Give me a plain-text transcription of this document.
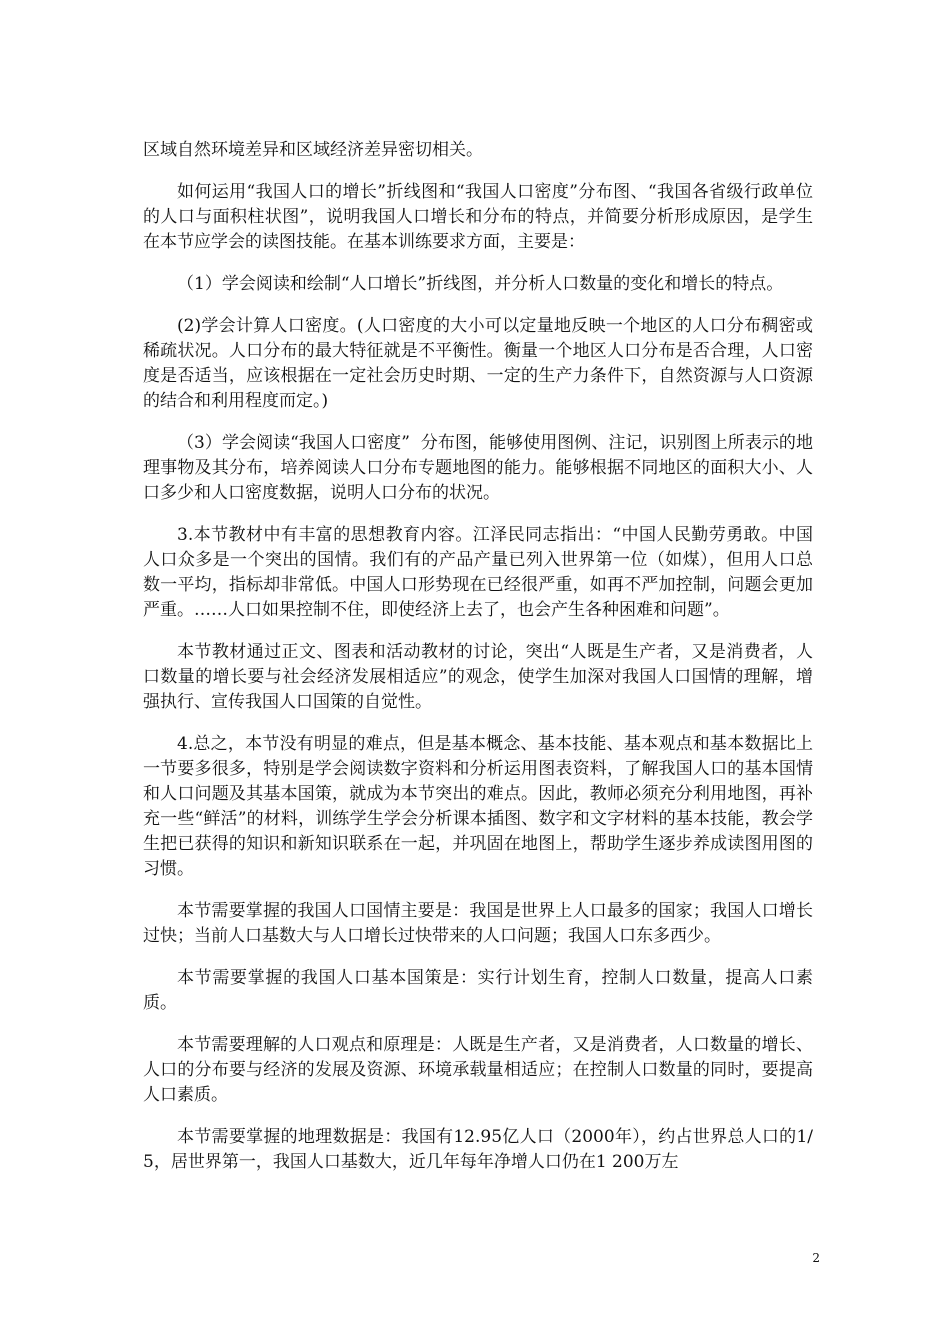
区域自然环境差异和区域经济差异密切相关。

如何运用“我国人口的增长”折线图和“我国人口密度”分布图、“我国各省级行政单位的人口与面积柱状图”，说明我国人口增长和分布的特点，并简要分析形成原因，是学生在本节应学会的读图技能。在基本训练要求方面，主要是：

（1）学会阅读和绘制“人口增长”折线图，并分析人口数量的变化和增长的特点。

(2)学会计算人口密度。(人口密度的大小可以定量地反映一个地区的人口分布稠密或稀疏状况。人口分布的最大特征就是不平衡性。衡量一个地区人口分布是否合理，人口密度是否适当，应该根据在一定社会历史时期、一定的生产力条件下，自然资源与人口资源的结合和利用程度而定。)

（3）学会阅读“我国人口密度”  分布图，能够使用图例、注记，识别图上所表示的地理事物及其分布，培养阅读人口分布专题地图的能力。能够根据不同地区的面积大小、人口多少和人口密度数据，说明人口分布的状况。

3.本节教材中有丰富的思想教育内容。江泽民同志指出：“中国人民勤劳勇敢。中国人口众多是一个突出的国情。我们有的产品产量已列入世界第一位（如煤），但用人口总数一平均，指标却非常低。中国人口形势现在已经很严重，如再不严加控制，问题会更加严重。……人口如果控制不住，即使经济上去了，也会产生各种困难和问题”。

本节教材通过正文、图表和活动教材的讨论，突出“人既是生产者，又是消费者，人口数量的增长要与社会经济发展相适应”的观念，使学生加深对我国人口国情的理解，增强执行、宣传我国人口国策的自觉性。

4.总之，本节没有明显的难点，但是基本概念、基本技能、基本观点和基本数据比上一节要多很多，特别是学会阅读数字资料和分析运用图表资料，了解我国人口的基本国情和人口问题及其基本国策，就成为本节突出的难点。因此，教师必须充分利用地图，再补充一些“鲜活”的材料，训练学生学会分析课本插图、数字和文字材料的基本技能，教会学生把已获得的知识和新知识联系在一起，并巩固在地图上，帮助学生逐步养成读图用图的习惯。

本节需要掌握的我国人口国情主要是：我国是世界上人口最多的国家；我国人口增长过快；当前人口基数大与人口增长过快带来的人口问题；我国人口东多西少。

本节需要掌握的我国人口基本国策是：实行计划生育，控制人口数量，提高人口素质。

本节需要理解的人口观点和原理是：人既是生产者，又是消费者，人口数量的增长、人口的分布要与经济的发展及资源、环境承载量相适应；在控制人口数量的同时，要提高人口素质。

本节需要掌握的地理数据是：我国有12.95亿人口（2000年），约占世界总人口的1/5，居世界第一，我国人口基数大，近几年每年净增人口仍在1 200万左

2
